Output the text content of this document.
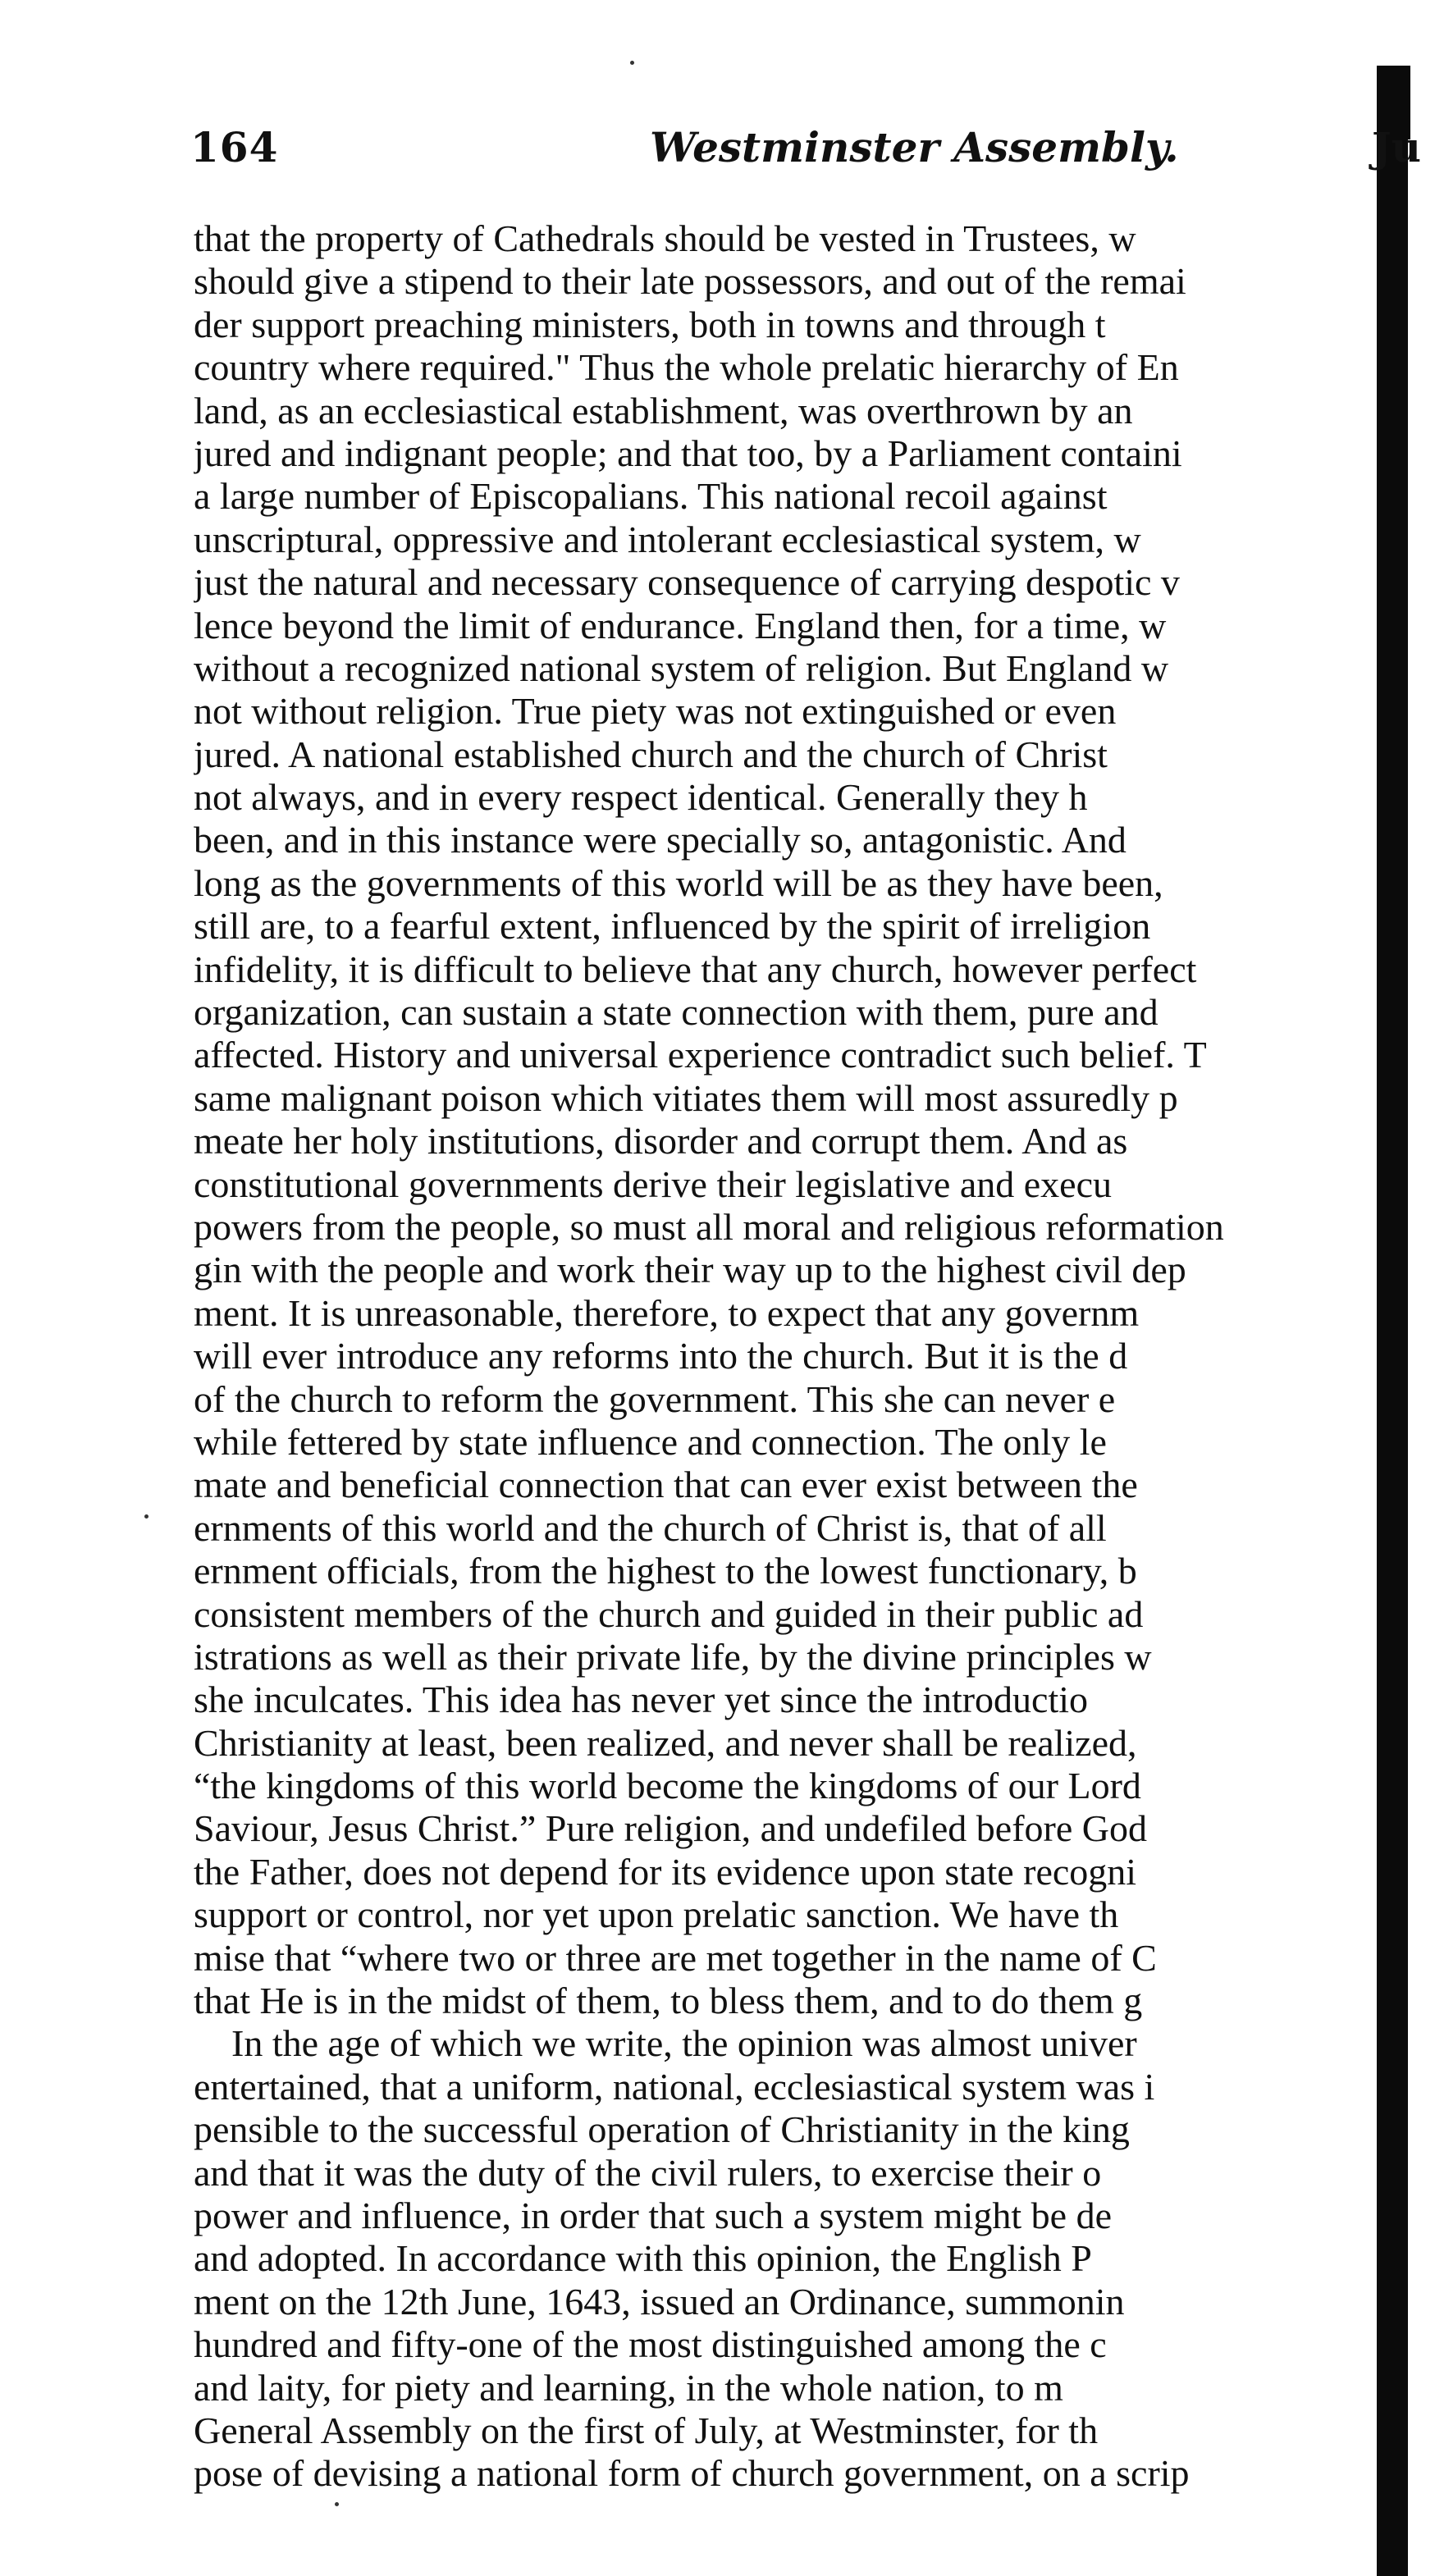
164	Westminster Assembly.	Ju
that the property of Cathedrals should be vested in Trustees, w
should give a stipend to their late possessors, and out of the remai
der support preaching ministers, both in towns and through t
country where required." Thus the whole prelatic hierarchy of En
land, as an ecclesiastical establishment, was overthrown by an
jured and indignant people; and that too, by a Parliament containi
a large number of Episcopalians. This national recoil against
unscriptural, oppressive and intolerant ecclesiastical system, w
just the natural and necessary consequence of carrying despotic v
lence beyond the limit of endurance. England then, for a time, w
without a recognized national system of religion. But England w
not without religion. True piety was not extinguished or even
jured. A national established church and the church of Christ
not always, and in every respect identical. Generally they h
been, and in this instance were specially so, antagonistic. And
long as the governments of this world will be as they have been,
still are, to a fearful extent, influenced by the spirit of irreligion
infidelity, it is difficult to believe that any church, however perfect
organization, can sustain a state connection with them, pure and
affected. History and universal experience contradict such belief. T
same malignant poison which vitiates them will most assuredly p
meate her holy institutions, disorder and corrupt them. And as
constitutional governments derive their legislative and execu
powers from the people, so must all moral and religious reformation
gin with the people and work their way up to the highest civil dep
ment. It is unreasonable, therefore, to expect that any governm
will ever introduce any reforms into the church. But it is the d
of the church to reform the government. This she can never e
while fettered by state influence and connection. The only le
mate and beneficial connection that can ever exist between the
ernments of this world and the church of Christ is, that of all
ernment officials, from the highest to the lowest functionary, b
consistent members of the church and guided in their public ad
istrations as well as their private life, by the divine principles w
she inculcates. This idea has never yet since the introductio
Christianity at least, been realized, and never shall be realized,
“the kingdoms of this world become the kingdoms of our Lord
Saviour, Jesus Christ.” Pure religion, and undefiled before God
the Father, does not depend for its evidence upon state recogni
support or control, nor yet upon prelatic sanction. We have th
mise that “where two or three are met together in the name of C
that He is in the midst of them, to bless them, and to do them g
In the age of which we write, the opinion was almost univer
entertained, that a uniform, national, ecclesiastical system was i
pensible to the successful operation of Christianity in the king
and that it was the duty of the civil rulers, to exercise their o
power and influence, in order that such a system might be de
and adopted. In accordance with this opinion, the English P
ment on the 12th June, 1643, issued an Ordinance, summonin
hundred and fifty-one of the most distinguished among the c
and laity, for piety and learning, in the whole nation, to m
General Assembly on the first of July, at Westminster, for th
pose of devising a national form of church government, on a scrip
